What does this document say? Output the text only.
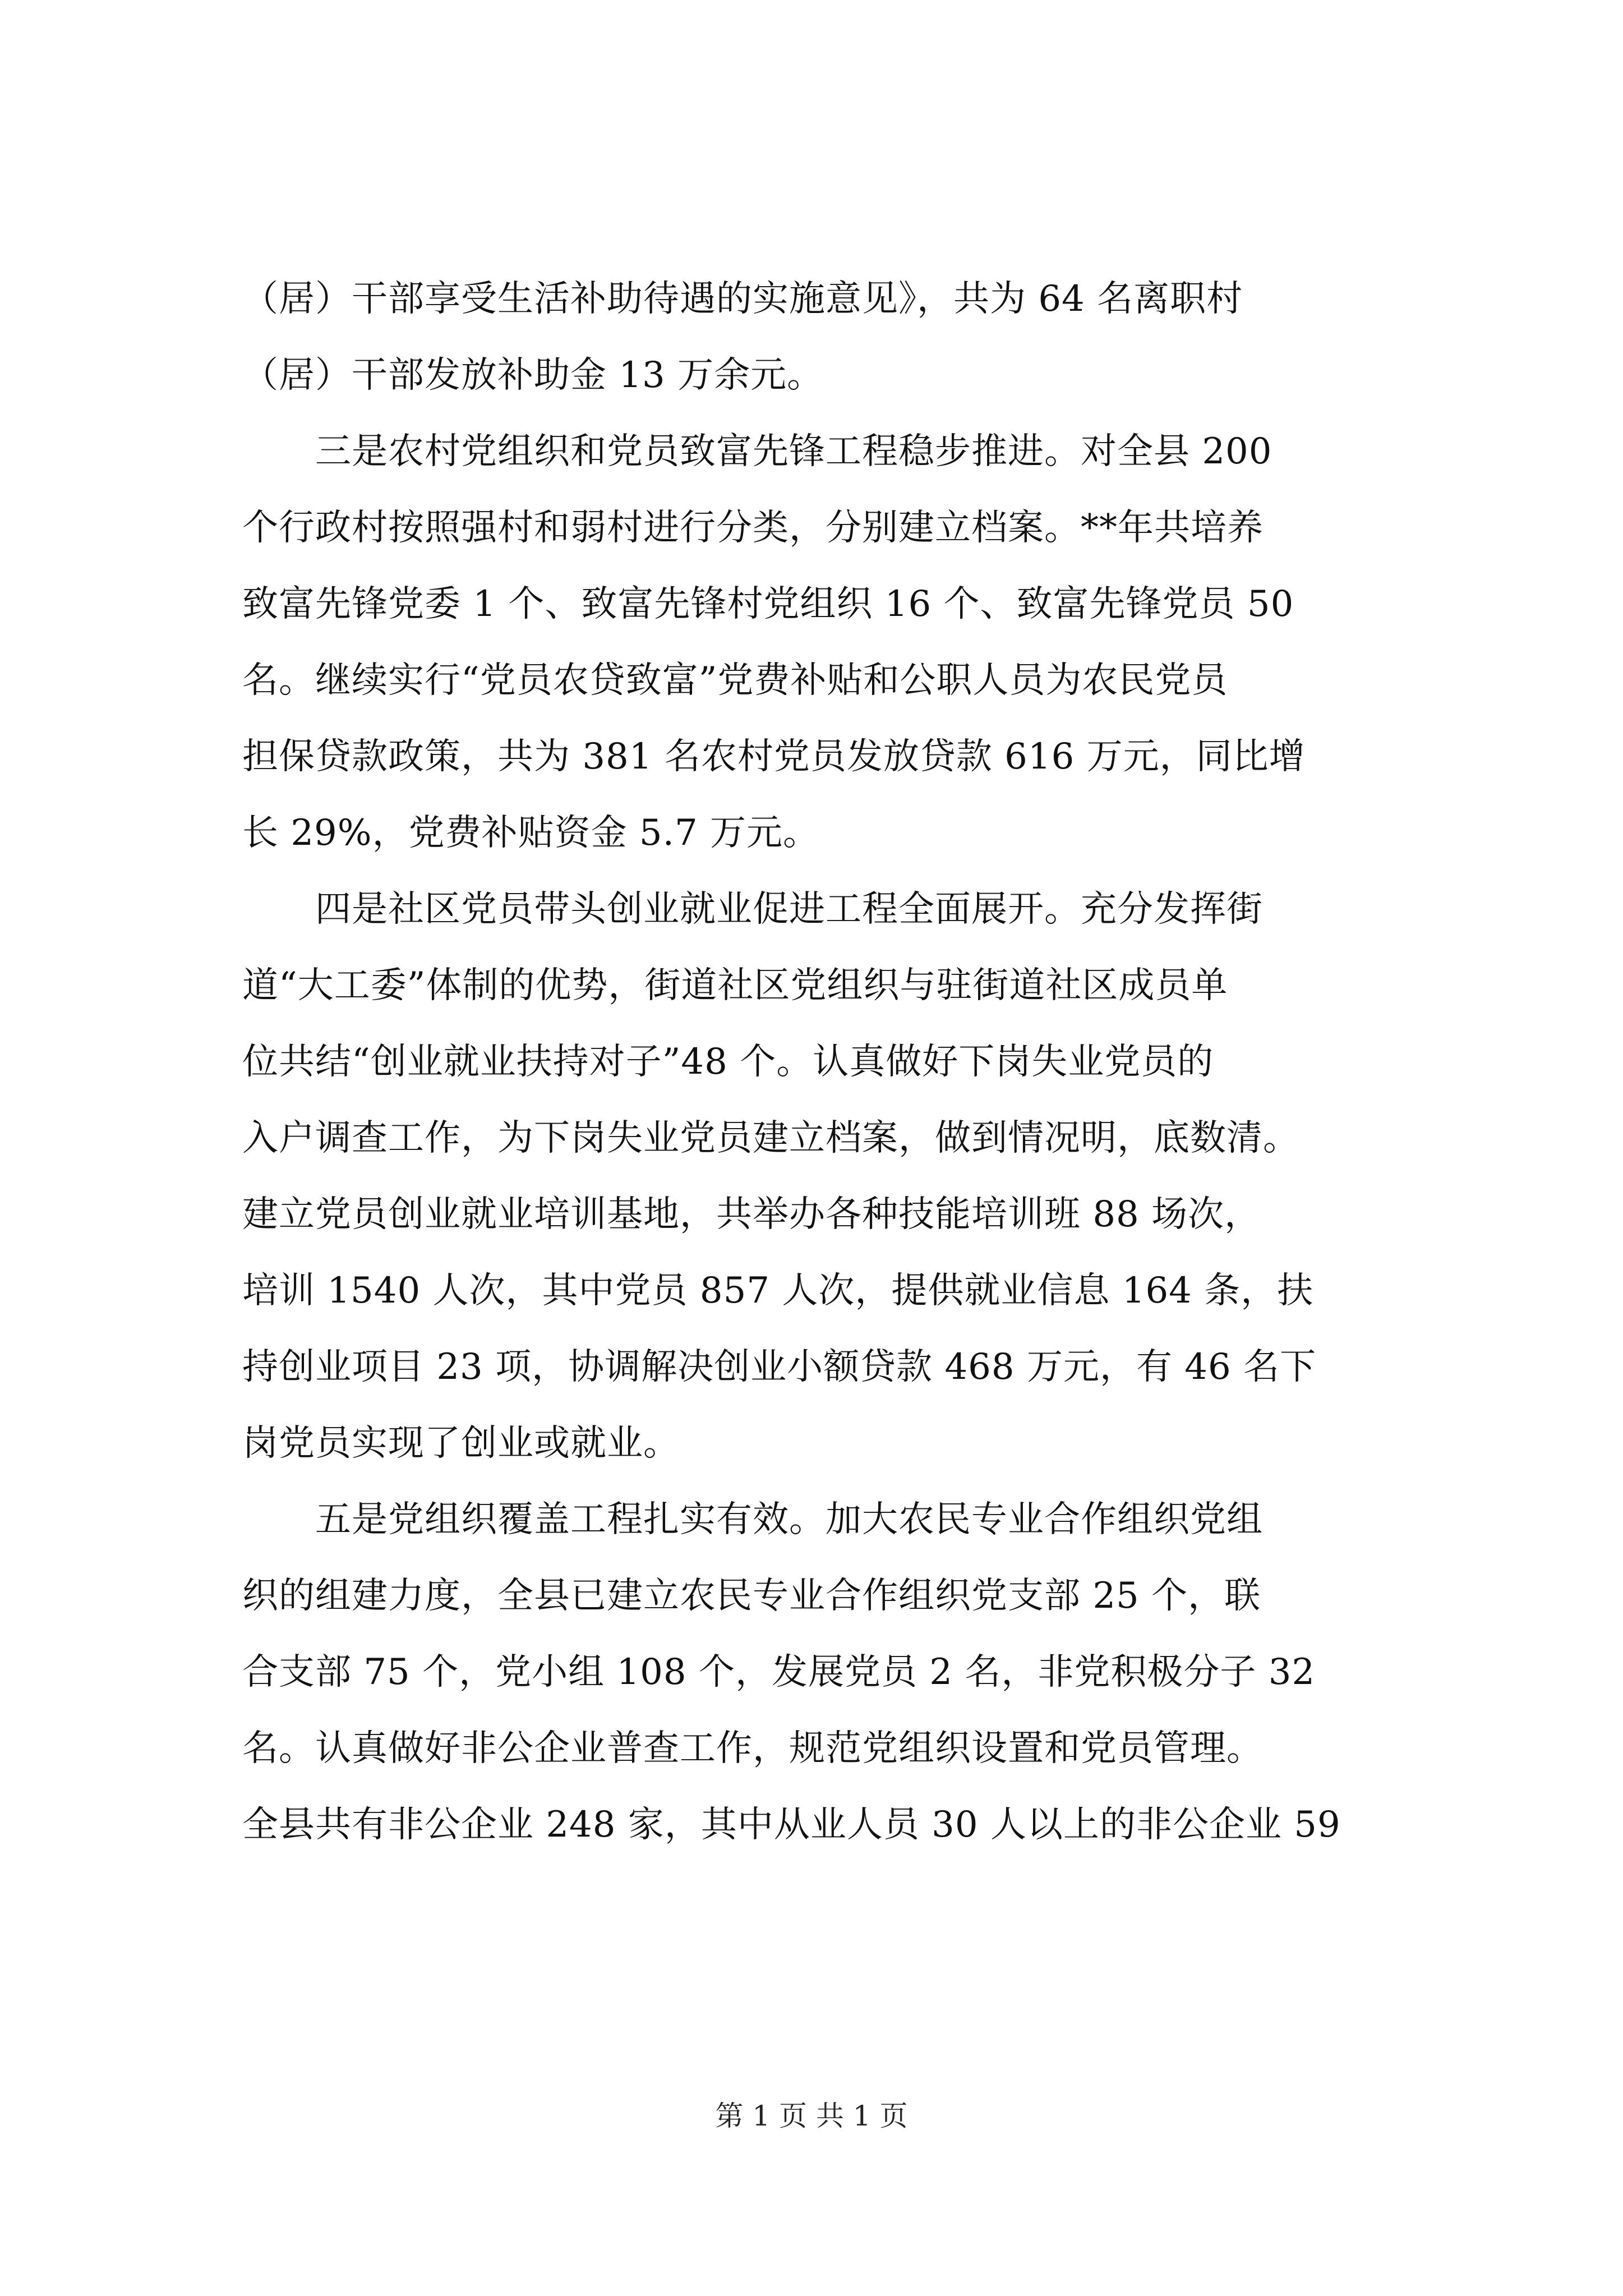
（居）干部享受生活补助待遇的实施意见》，共为 64 名离职村
（居）干部发放补助金 13 万余元。
　　三是农村党组织和党员致富先锋工程稳步推进。对全县 200
个行政村按照强村和弱村进行分类，分别建立档案。**年共培养
致富先锋党委 1 个、致富先锋村党组织 16 个、致富先锋党员 50
名。继续实行“党员农贷致富”党费补贴和公职人员为农民党员
担保贷款政策，共为 381 名农村党员发放贷款 616 万元，同比增
长 29%，党费补贴资金 5.7 万元。
　　四是社区党员带头创业就业促进工程全面展开。充分发挥街
道“大工委”体制的优势，街道社区党组织与驻街道社区成员单
位共结“创业就业扶持对子”48 个。认真做好下岗失业党员的
入户调查工作，为下岗失业党员建立档案，做到情况明，底数清。
建立党员创业就业培训基地，共举办各种技能培训班 88 场次，
培训 1540 人次，其中党员 857 人次，提供就业信息 164 条，扶
持创业项目 23 项，协调解决创业小额贷款 468 万元，有 46 名下
岗党员实现了创业或就业。
　　五是党组织覆盖工程扎实有效。加大农民专业合作组织党组
织的组建力度，全县已建立农民专业合作组织党支部 25 个，联
合支部 75 个，党小组 108 个，发展党员 2 名，非党积极分子 32
名。认真做好非公企业普查工作，规范党组织设置和党员管理。
全县共有非公企业 248 家，其中从业人员 30 人以上的非公企业 59
第 1 页 共 1 页
